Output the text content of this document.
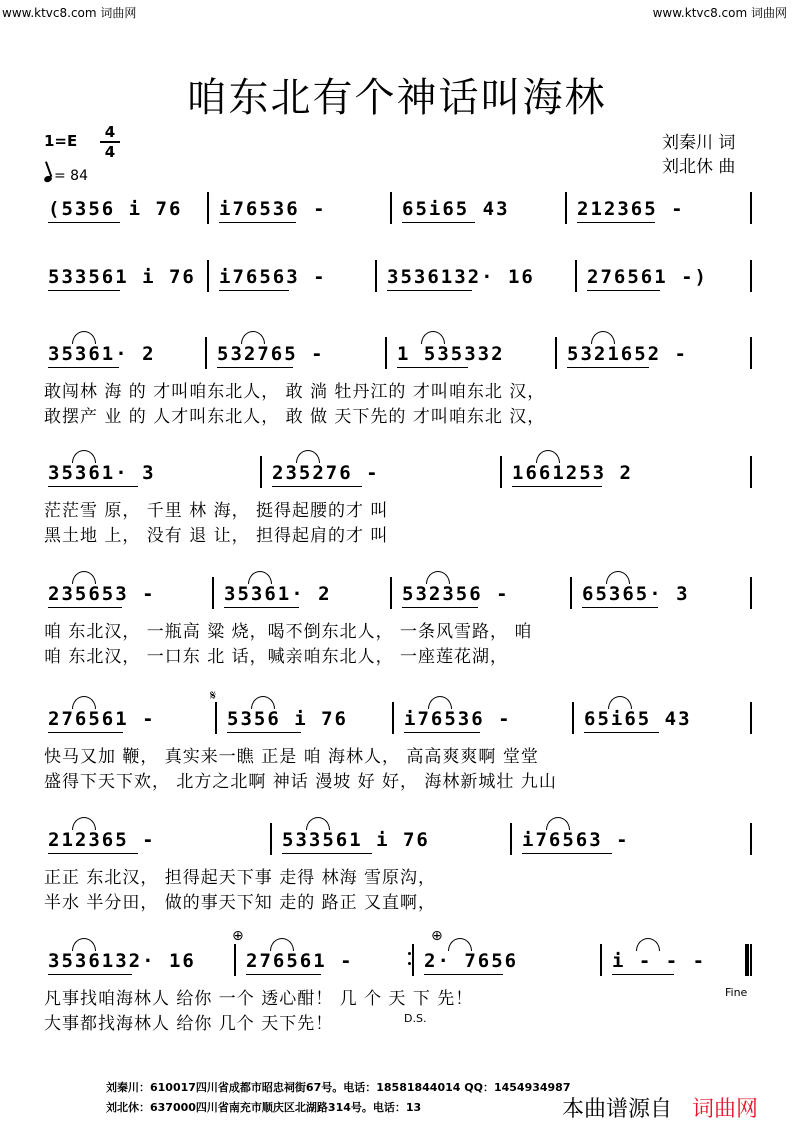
www.ktvc8.com 词曲网	www.ktvc8.com 词曲网
咱东北有个神话叫海林
刘秦川 词
刘北休 曲
1=E	4
4
= 84
(5356 i 76 i76536 -	65i65 43	212365 -
533561 i 76 i76563 -	3536132· 16	276561 -)
35361· 2	532765 -	1 535332	5321652 -
敢闯林 海 的 才叫咱东北人， 敢 淌 牡丹江的 才叫咱东北 汉，
敢摆产 业 的 人才叫东北人， 敢 做 天下先的 才叫咱东北 汉，
35361· 3	235276 -	1661253 2
茫茫雪 原， 千里 林 海， 挺得起腰的才 叫
黑土地 上， 没有 退 让， 担得起肩的才 叫
235653 -	35361· 2	532356 -	65365· 3
咱 东北汉， 一瓶高 粱 烧，喝不倒东北人， 一条风雪路， 咱
咱 东北汉， 一口东 北 话，喊亲咱东北人， 一座莲花湖，
276561 -	5356 i 76	i76536 -	65i65 43
快马又加 鞭， 真实来一瞧 正是 咱 海林人， 高高爽爽啊 堂堂
盛得下天下欢， 北方之北啊 神话 漫坡 好 好， 海林新城壮 九山
212365 -	533561 i 76	i76563 -
正正 东北汉， 担得起天下事 走得 林海 雪原沟，
半水 半分田， 做的事天下知 走的 路正 又直啊，
3536132· 16	276561 -	2· 7656	i - - -
凡事找咱海林人 给你 一个 透心酣！ 几 个 天 下 先！
大事都找海林人 给你 几个 天下先！
𝄋
⊕	⊕
Fine
D.S.
刘秦川：610017四川省成都市昭忠祠街67号。电话：18581844014 QQ：1454934987
刘北休：637000四川省南充市顺庆区北湖路314号。电话：13	本曲谱源自 词曲网
